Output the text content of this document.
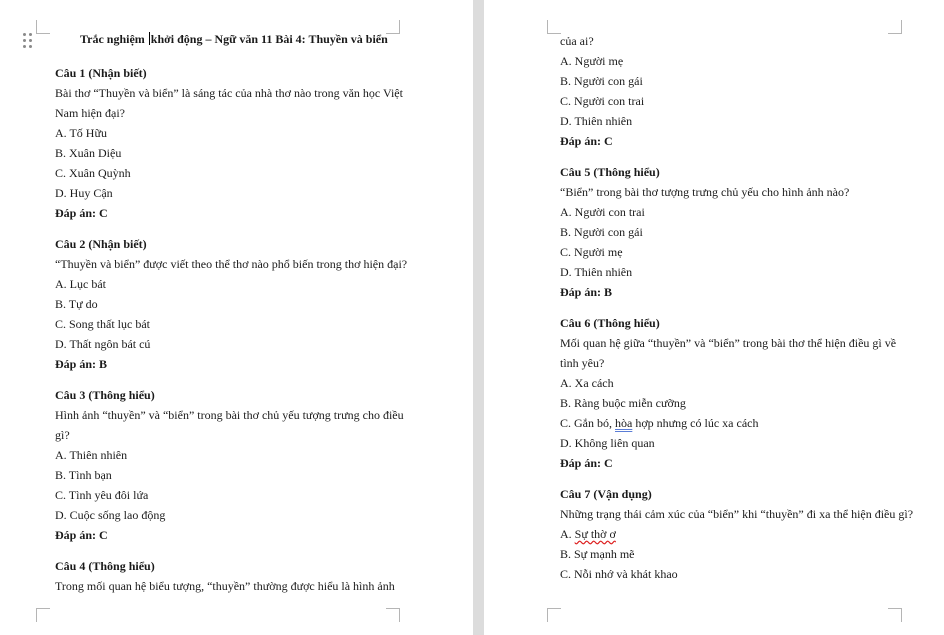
Trắc nghiệm khởi động – Ngữ văn 11 Bài 4: Thuyền và biển
Câu 1 (Nhận biết)
Bài thơ “Thuyền và biển” là sáng tác của nhà thơ nào trong văn học Việt
Nam hiện đại?
A. Tố Hữu
B. Xuân Diệu
C. Xuân Quỳnh
D. Huy Cận
Đáp án: C
Câu 2 (Nhận biết)
“Thuyền và biển” được viết theo thể thơ nào phổ biến trong thơ hiện đại?
A. Lục bát
B. Tự do
C. Song thất lục bát
D. Thất ngôn bát cú
Đáp án: B
Câu 3 (Thông hiểu)
Hình ảnh “thuyền” và “biển” trong bài thơ chủ yếu tượng trưng cho điều
gì?
A. Thiên nhiên
B. Tình bạn
C. Tình yêu đôi lứa
D. Cuộc sống lao động
Đáp án: C
Câu 4 (Thông hiểu)
Trong mối quan hệ biểu tượng, “thuyền” thường được hiểu là hình ảnh
của ai?
A. Người mẹ
B. Người con gái
C. Người con trai
D. Thiên nhiên
Đáp án: C
Câu 5 (Thông hiểu)
“Biển” trong bài thơ tượng trưng chủ yếu cho hình ảnh nào?
A. Người con trai
B. Người con gái
C. Người mẹ
D. Thiên nhiên
Đáp án: B
Câu 6 (Thông hiểu)
Mối quan hệ giữa “thuyền” và “biển” trong bài thơ thể hiện điều gì về
tình yêu?
A. Xa cách
B. Ràng buộc miễn cưỡng
C. Gắn bó, hòa hợp nhưng có lúc xa cách
D. Không liên quan
Đáp án: C
Câu 7 (Vận dụng)
Những trạng thái cảm xúc của “biển” khi “thuyền” đi xa thể hiện điều gì?
A. Sự thờ ơ
B. Sự mạnh mẽ
C. Nỗi nhớ và khát khao
